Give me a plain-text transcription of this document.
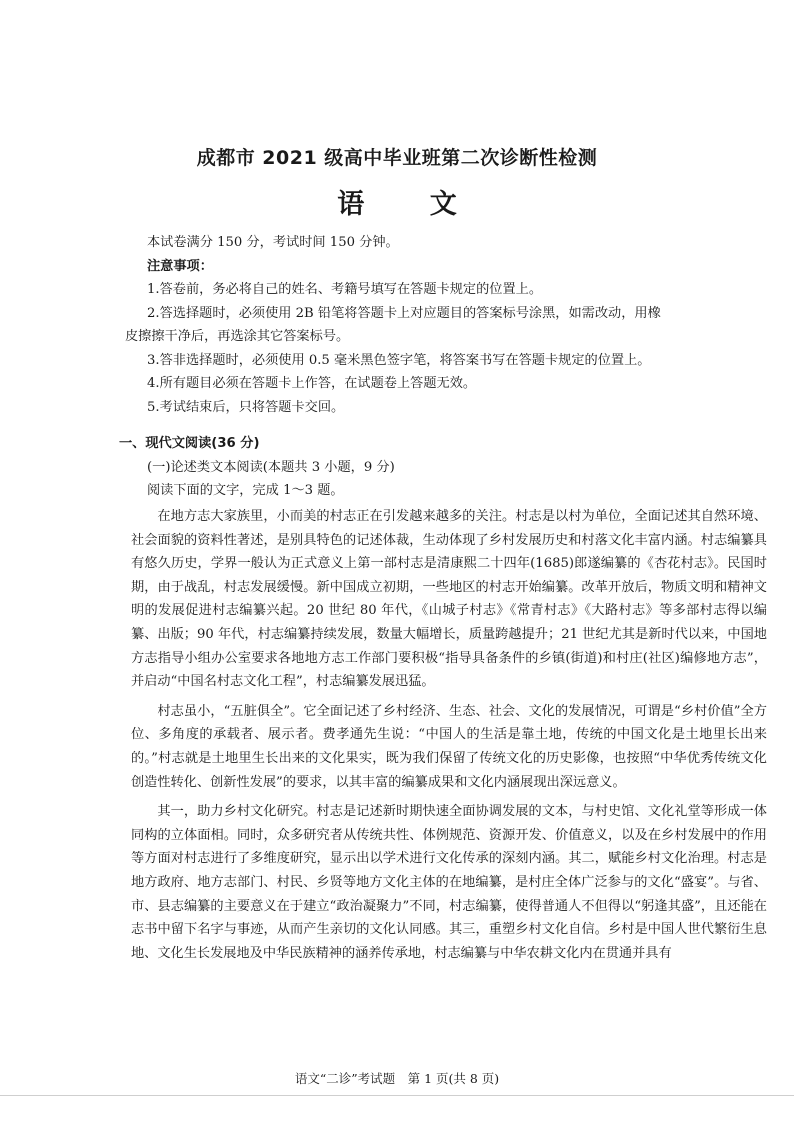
成都市 2021 级高中毕业班第二次诊断性检测
语 文
本试卷满分 150 分，考试时间 150 分钟。
注意事项：
1.答卷前，务必将自己的姓名、考籍号填写在答题卡规定的位置上。
2.答选择题时，必须使用 2B 铅笔将答题卡上对应题目的答案标号涂黑，如需改动，用橡
皮擦擦干净后，再选涂其它答案标号。
3.答非选择题时，必须使用 0.5 毫米黑色签字笔，将答案书写在答题卡规定的位置上。
4.所有题目必须在答题卡上作答，在试题卷上答题无效。
5.考试结束后，只将答题卡交回。
一、现代文阅读(36 分)
(一)论述类文本阅读(本题共 3 小题，9 分)
阅读下面的文字，完成 1～3 题。

在地方志大家族里，小而美的村志正在引发越来越多的关注。村志是以村为单位，全面记述其自然环境、社会面貌的资料性著述，是别具特色的记述体裁，生动体现了乡村发展历史和村落文化丰富内涵。村志编纂具有悠久历史，学界一般认为正式意义上第一部村志是清康熙二十四年(1685)郎遂编纂的《杏花村志》。民国时期，由于战乱，村志发展缓慢。新中国成立初期，一些地区的村志开始编纂。改革开放后，物质文明和精神文明的发展促进村志编纂兴起。20 世纪 80 年代，《山城子村志》《常青村志》《大路村志》等多部村志得以编纂、出版；90 年代，村志编纂持续发展，数量大幅增长，质量跨越提升；21 世纪尤其是新时代以来，中国地方志指导小组办公室要求各地地方志工作部门要积极“指导具备条件的乡镇(街道)和村庄(社区)编修地方志”，并启动“中国名村志文化工程”，村志编纂发展迅猛。

村志虽小，“五脏俱全”。它全面记述了乡村经济、生态、社会、文化的发展情况，可谓是“乡村价值”全方位、多角度的承载者、展示者。费孝通先生说：“中国人的生活是靠土地，传统的中国文化是土地里长出来的。”村志就是土地里生长出来的文化果实，既为我们保留了传统文化的历史影像，也按照“中华优秀传统文化创造性转化、创新性发展”的要求，以其丰富的编纂成果和文化内涵展现出深远意义。

其一，助力乡村文化研究。村志是记述新时期快速全面协调发展的文本，与村史馆、文化礼堂等形成一体同构的立体面相。同时，众多研究者从传统共性、体例规范、资源开发、价值意义，以及在乡村发展中的作用等方面对村志进行了多维度研究，显示出以学术进行文化传承的深刻内涵。其二，赋能乡村文化治理。村志是地方政府、地方志部门、村民、乡贤等地方文化主体的在地编纂，是村庄全体广泛参与的文化“盛宴”。与省、市、县志编纂的主要意义在于建立“政治凝聚力”不同，村志编纂，使得普通人不但得以“躬逢其盛”，且还能在志书中留下名字与事迹，从而产生亲切的文化认同感。其三，重塑乡村文化自信。乡村是中国人世代繁衍生息地、文化生长发展地及中华民族精神的涵养传承地，村志编纂与中华农耕文化内在贯通并具有

语文“二诊”考试题　第 1 页(共 8 页)
